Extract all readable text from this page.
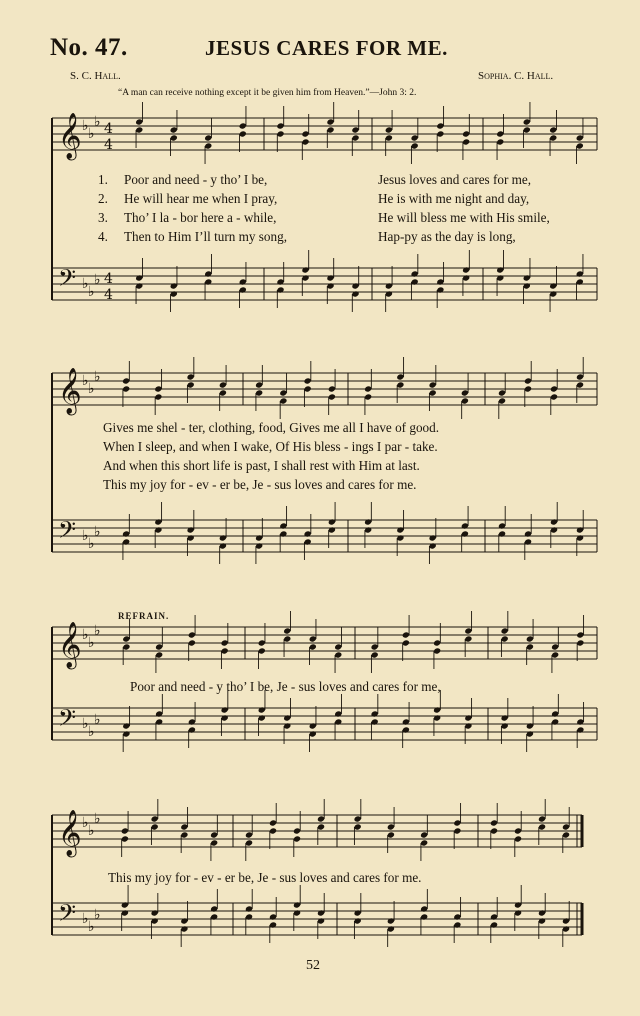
No. 47.	JESUS CARES FOR ME.
S. C. Hall.	Sophia. C. Hall.
“A man can receive nothing except it be given him from Heaven.”—John 3: 2.
𝄞
𝄢
♭ ♭
♭
♭ ♭
♭
4
4
4
4
𝄞
𝄢
♭ ♭
♭
♭ ♭
♭
𝄞
𝄢
♭ ♭
♭
♭ ♭
♭
𝄞
𝄢
♭ ♭
♭
♭ ♭
♭
1. Poor and need - y tho’ I be,	Jesus loves and cares for me,
2. He will hear me when I pray,	He is with me night and day,
3. Tho’ I la - bor here a - while,	He will bless me with His smile,
4. Then to Him I’ll turn my song,	Hap-py as the day is long,
Gives me shel - ter, clothing, food, Gives me all I have of good.
When I sleep, and when I wake, Of His bless - ings I par - take.
And when this short life is past, I shall rest with Him at last.
This my joy for - ev - er be, Je - sus loves and cares for me.
REFRAIN.
Poor and need - y tho’ I be, Je - sus loves and cares for me,
This my joy for - ev - er be, Je - sus loves and cares for me.
52
